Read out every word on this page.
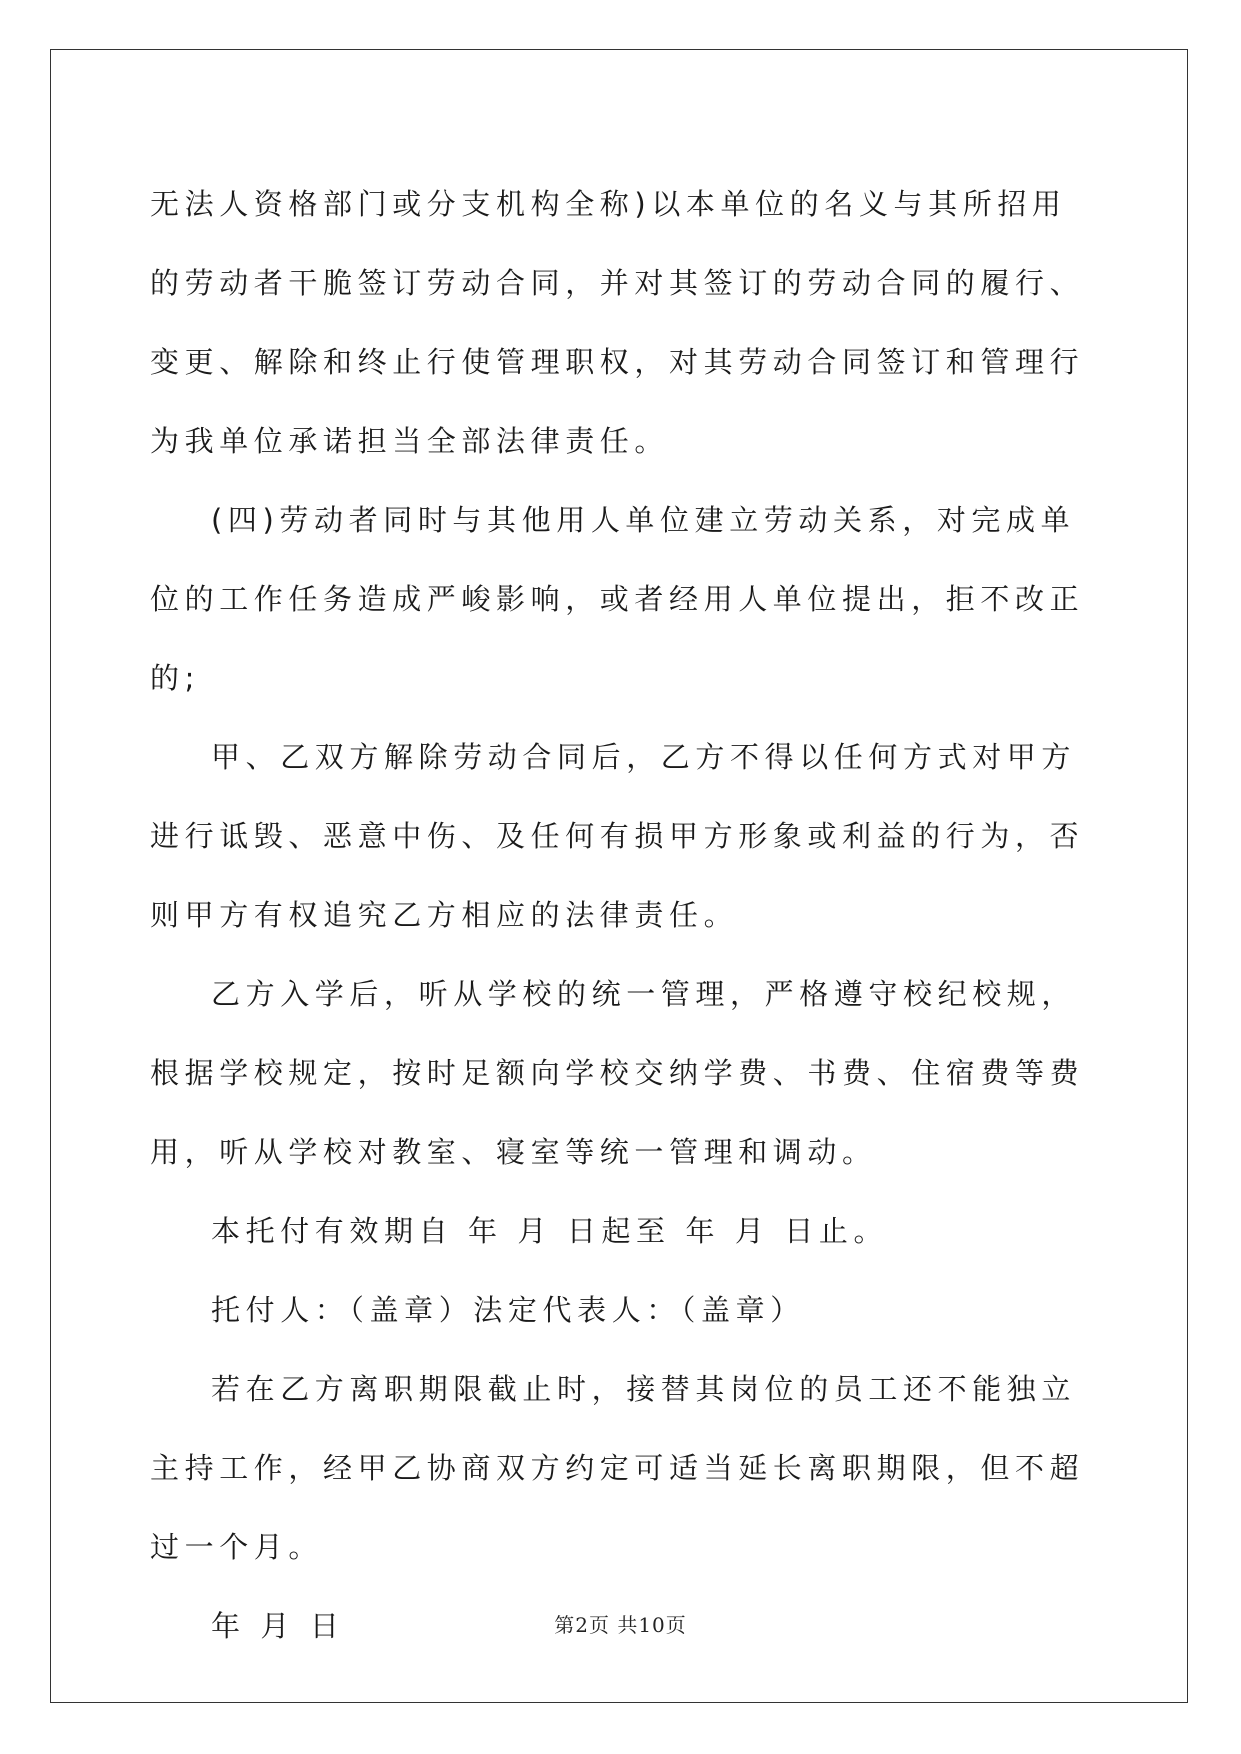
无法人资格部门或分支机构全称)以本单位的名义与其所招用的劳动者干脆签订劳动合同，并对其签订的劳动合同的履行、变更、解除和终止行使管理职权，对其劳动合同签订和管理行为我单位承诺担当全部法律责任。

(四)劳动者同时与其他用人单位建立劳动关系，对完成单位的工作任务造成严峻影响，或者经用人单位提出，拒不改正的;

甲、乙双方解除劳动合同后，乙方不得以任何方式对甲方进行诋毁、恶意中伤、及任何有损甲方形象或利益的行为，否则甲方有权追究乙方相应的法律责任。

乙方入学后，听从学校的统一管理，严格遵守校纪校规，根据学校规定，按时足额向学校交纳学费、书费、住宿费等费用，听从学校对教室、寝室等统一管理和调动。

本托付有效期自 年 月 日起至 年 月 日止。

托付人：（盖章）法定代表人：（盖章）

若在乙方离职期限截止时，接替其岗位的员工还不能独立主持工作，经甲乙协商双方约定可适当延长离职期限，但不超过一个月。

年 月 日	第2页 共10页
